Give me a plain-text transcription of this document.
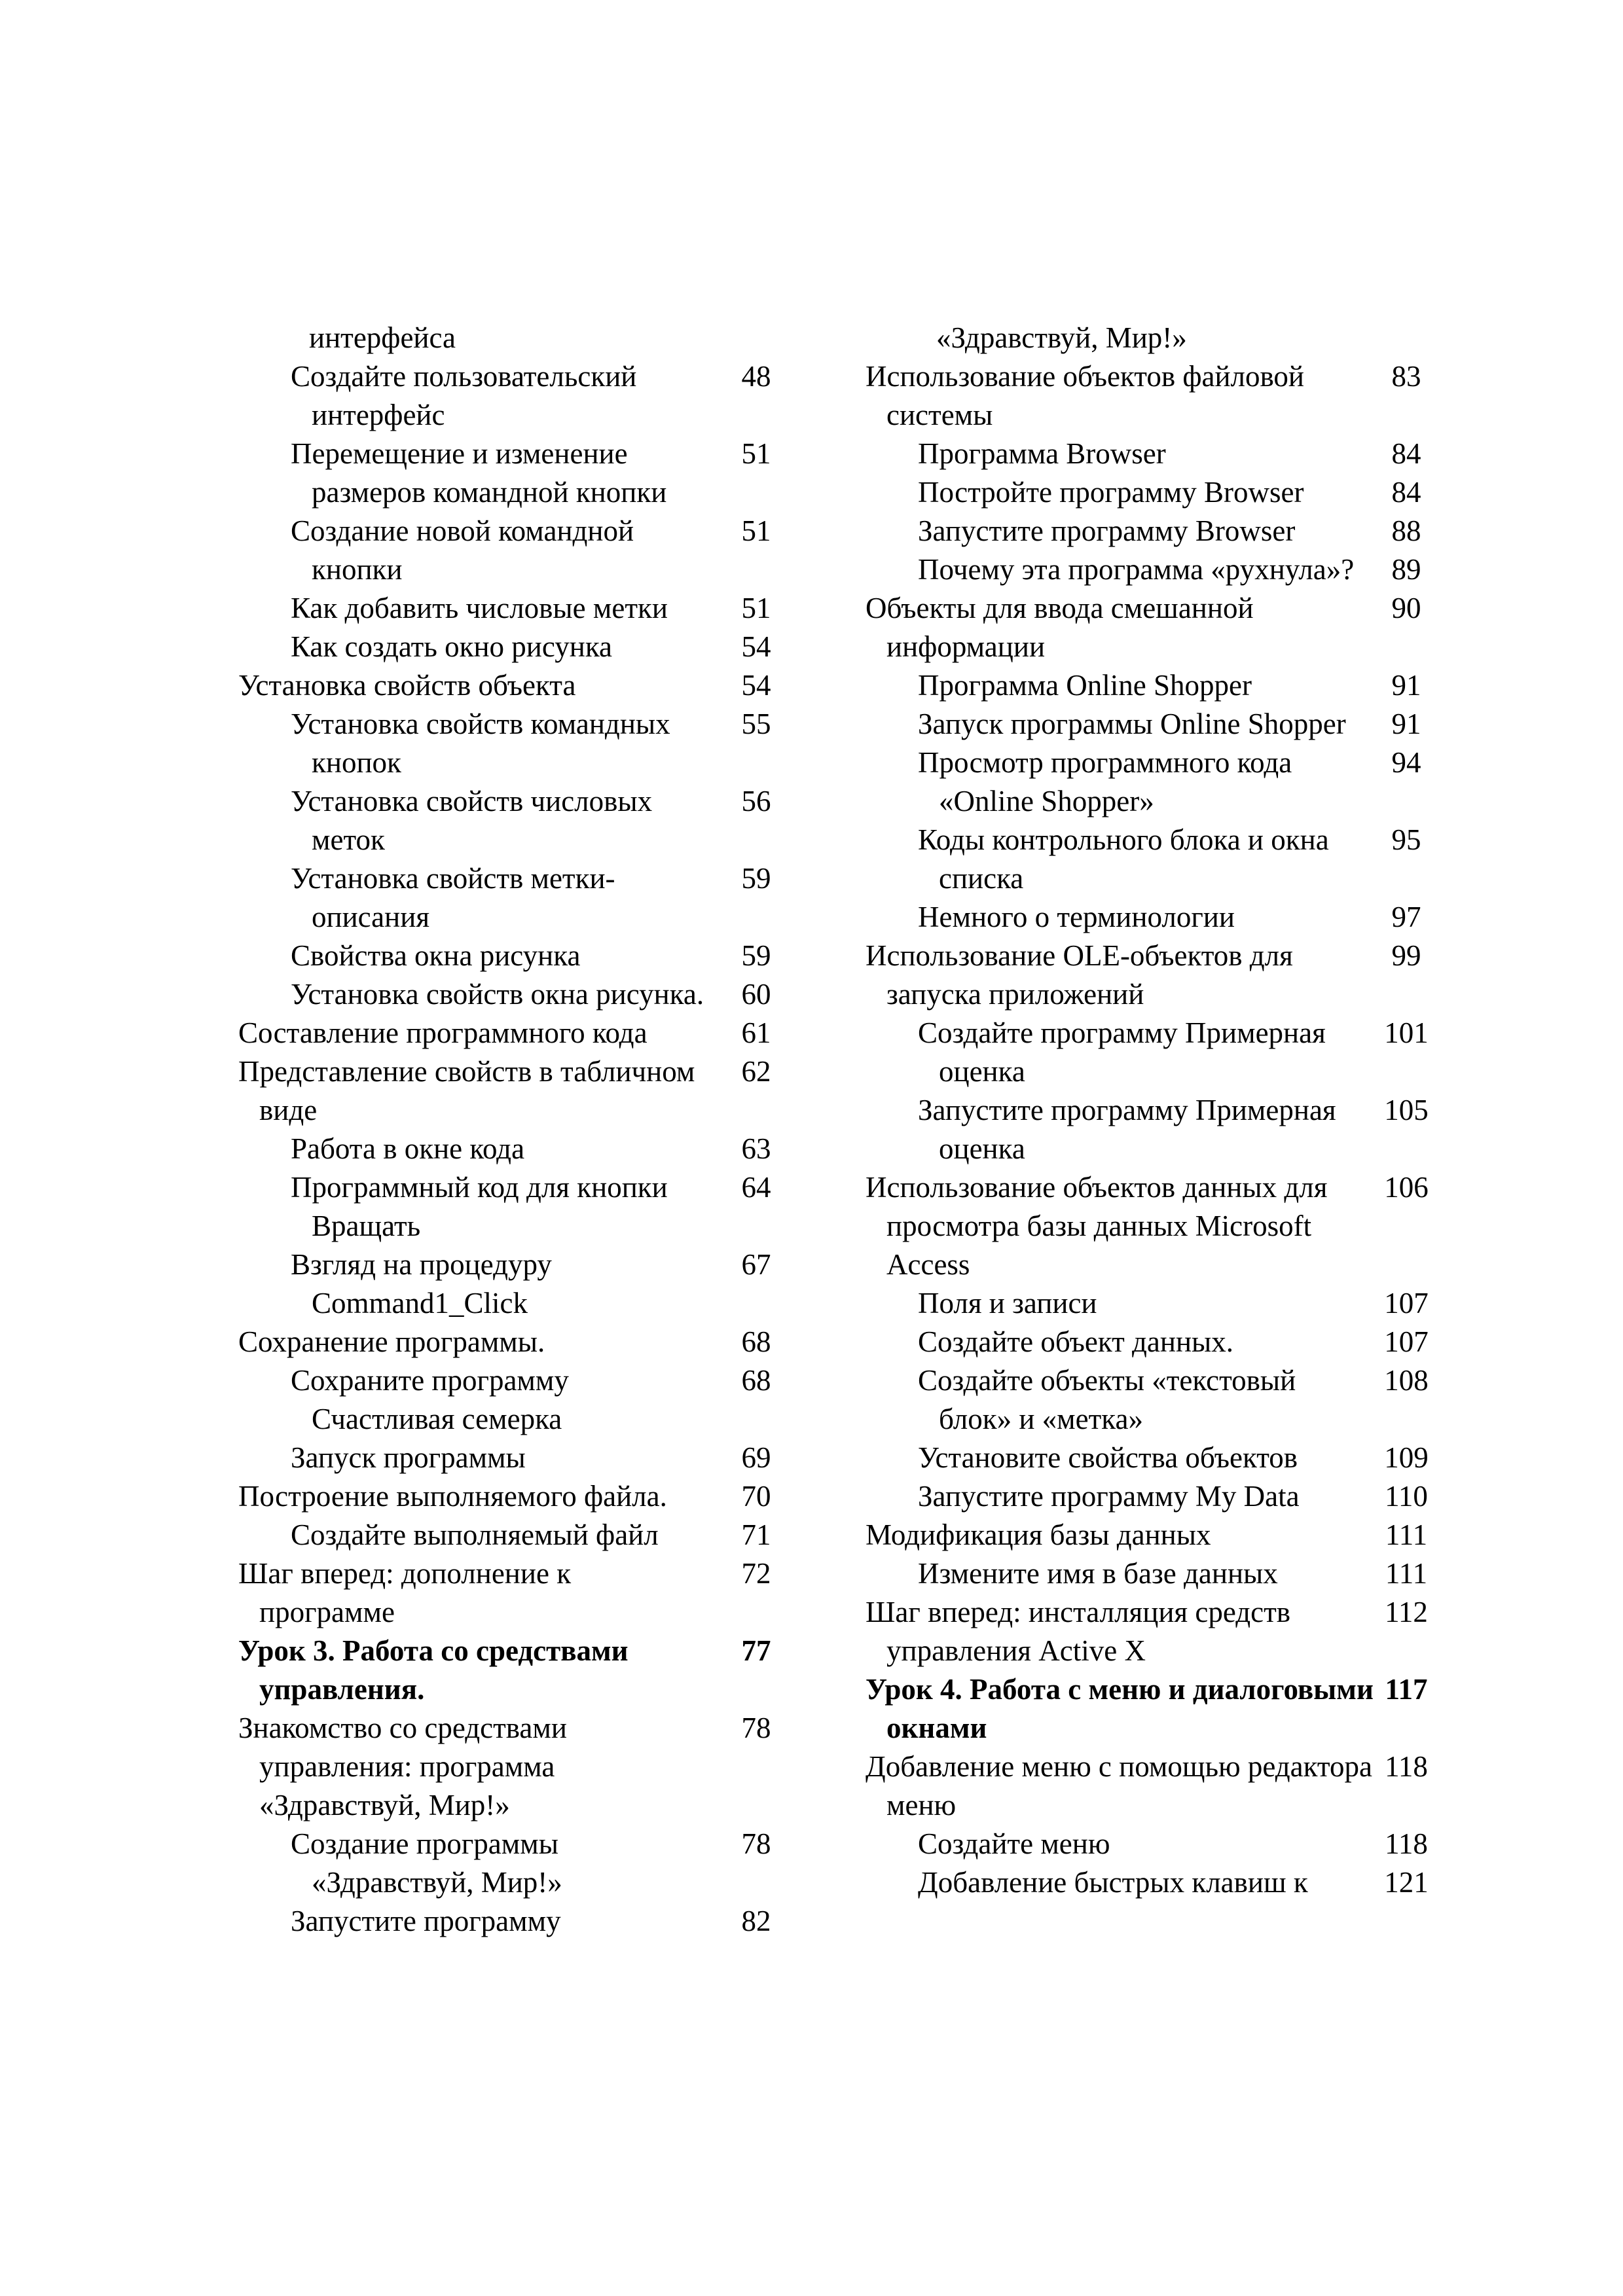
интерфейса
Создайте пользовательский интерфейс
48
Перемещение и изменение размеров командной кнопки
51
Создание новой командной кнопки
51
Как добавить числовые метки	51
Как создать окно рисунка	54
Установка свойств объекта	54
Установка свойств командных кнопок
55
Установка свойств числовых меток
56
Установка свойств метки-описания
59
Свойства окна рисунка	59
Установка свойств окна рисунка.	60
Составление программного кода	61
Представление свойств в табличном виде
62
Работа в окне кода	63
Программный код для кнопки Вращать
64
Взгляд на процедуру Command1_Click
67
Сохранение программы.	68
Сохраните программу Счастливая семерка
68
Запуск программы	69
Построение выполняемого файла.	70
Создайте выполняемый файл	71
Шаг вперед: дополнение к программе
72
Урок 3. Работа со средствами управления.
77
Знакомство со средствами управления: программа «Здравствуй, Мир!»
78
Создание программы «Здравствуй, Мир!»
78
Запустите программу	82
«Здравствуй, Мир!»
Использование объектов файловой системы
83
Программа Browser	84
Постройте программу Browser	84
Запустите программу Browser	88
Почему эта программа «рухнула»?	89
Объекты для ввода смешанной информации
90
Программа Online Shopper	91
Запуск программы Online Shopper	91
Просмотр программного кода «Online Shopper»
94
Коды контрольного блока и окна списка
95
Немного о терминологии	97
Использование OLE-объектов для запуска приложений
99
Создайте программу Примерная оценка
101
Запустите программу Примерная оценка
105
Использование объектов данных для просмотра базы данных Microsoft Access
106
Поля и записи	107
Создайте объект данных.	107
Создайте объекты «текстовый блок» и «метка»
108
Установите свойства объектов	109
Запустите программу My Data	110
Модификация базы данных	111
Измените имя в базе данных	111
Шаг вперед: инсталляция средств управления Active X
112
Урок 4. Работа с меню и диалоговыми окнами
117
Добавление меню с помощью редактора меню
118
Создайте меню	118
Добавление быстрых клавиш к	121
